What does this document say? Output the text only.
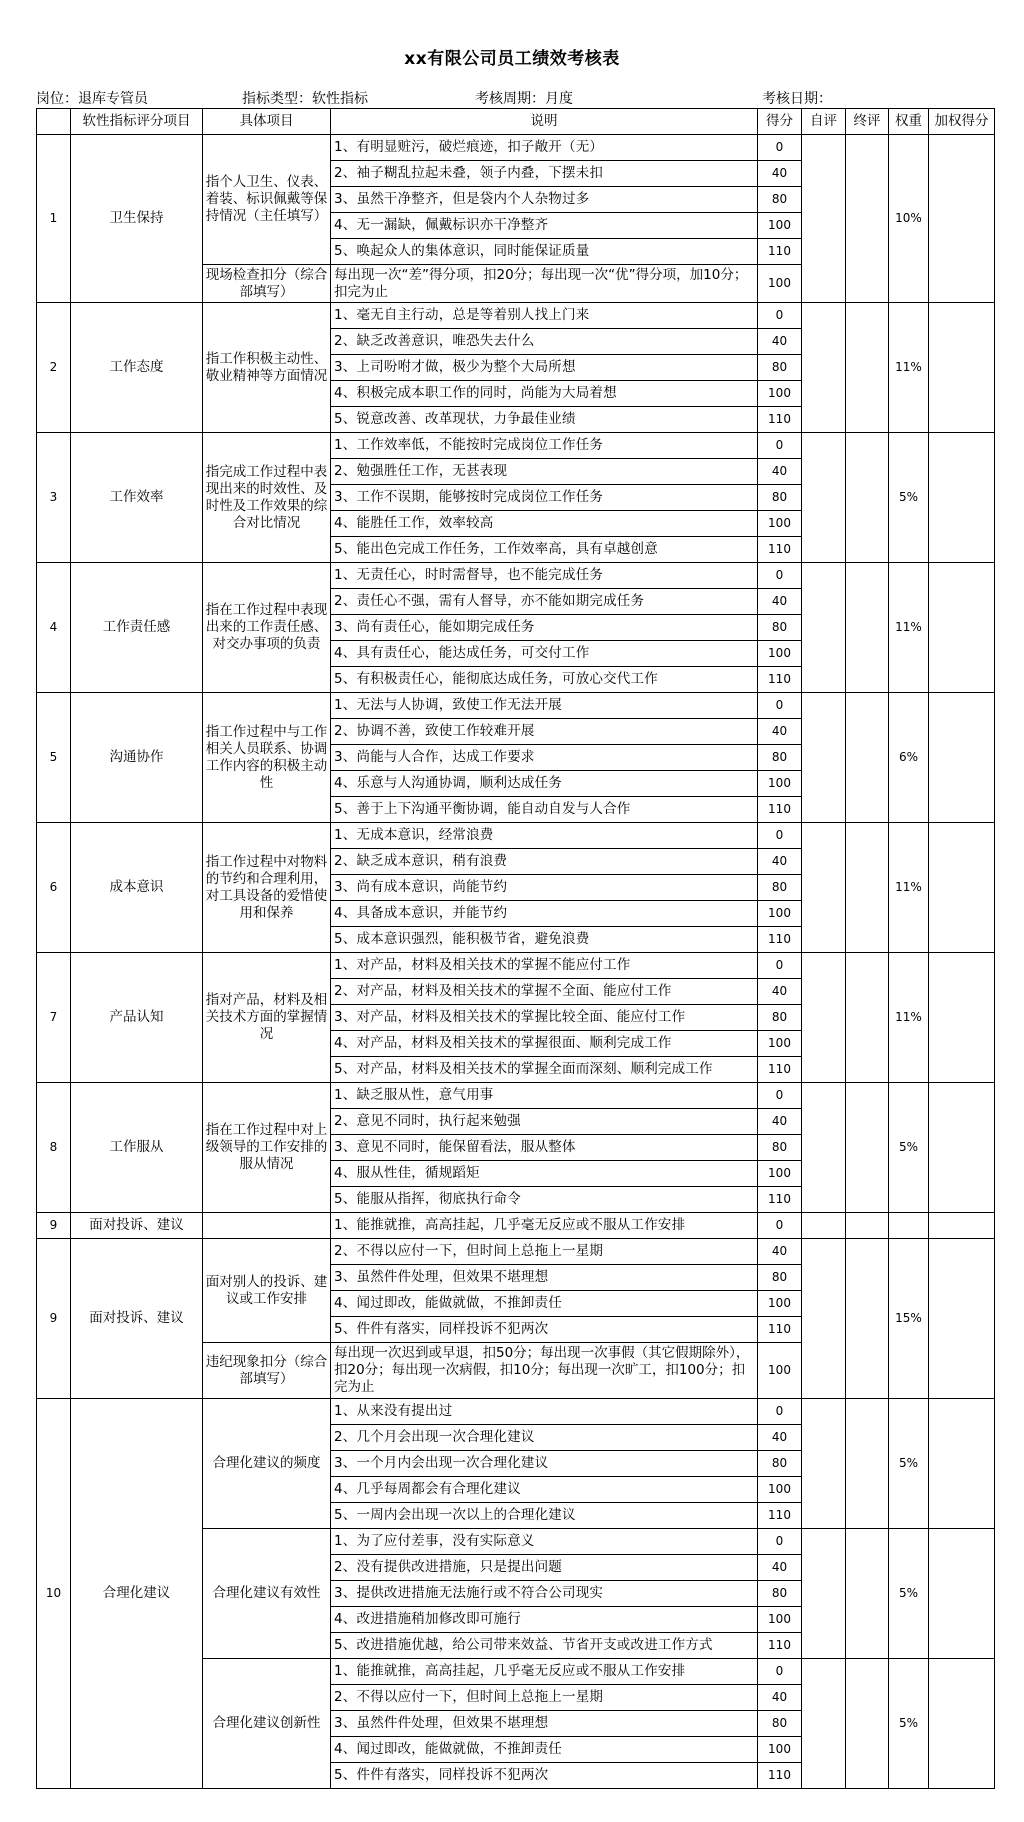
xx有限公司员工绩效考核表
岗位：退库专管员	指标类型：软性指标	考核周期：月度	考核日期：
	软性指标评分项目	具体项目	说明	得分	自评	终评	权重	加权得分
1	卫生保持	指个人卫生、仪表、着装、标识佩戴等保持情况（主任填写）	1、有明显赃污，破烂痕迹，扣子敞开（无）	0			10%	
			2、袖子糊乱拉起未叠，领子内叠，下摆未扣	40				
			3、虽然干净整齐，但是袋内个人杂物过多	80				
			4、无一漏缺，佩戴标识亦干净整齐	100				
			5、唤起众人的集体意识，同时能保证质量	110				
		现场检查扣分（综合部填写）	每出现一次“差”得分项，扣20分；每出现一次“优”得分项，加10分；扣完为止	100				
2	工作态度	指工作积极主动性、敬业精神等方面情况	1、毫无自主行动，总是等着别人找上门来	0			11%	
			2、缺乏改善意识，唯恐失去什么	40				
			3、上司吩咐才做，极少为整个大局所想	80				
			4、积极完成本职工作的同时，尚能为大局着想	100				
			5、锐意改善、改革现状，力争最佳业绩	110				
3	工作效率	指完成工作过程中表现出来的时效性、及时性及工作效果的综合对比情况	1、工作效率低，不能按时完成岗位工作任务	0			5%	
			2、勉强胜任工作，无甚表现	40				
			3、工作不误期，能够按时完成岗位工作任务	80				
			4、能胜任工作，效率较高	100				
			5、能出色完成工作任务，工作效率高，具有卓越创意	110				
4	工作责任感	指在工作过程中表现出来的工作责任感、对交办事项的负责	1、无责任心，时时需督导，也不能完成任务	0			11%	
			2、责任心不强，需有人督导，亦不能如期完成任务	40				
			3、尚有责任心，能如期完成任务	80				
			4、具有责任心，能达成任务，可交付工作	100				
			5、有积极责任心，能彻底达成任务，可放心交代工作	110				
5	沟通协作	指工作过程中与工作相关人员联系、协调工作内容的积极主动性	1、无法与人协调，致使工作无法开展	0			6%	
			2、协调不善，致使工作较难开展	40				
			3、尚能与人合作，达成工作要求	80				
			4、乐意与人沟通协调，顺利达成任务	100				
			5、善于上下沟通平衡协调，能自动自发与人合作	110				
6	成本意识	指工作过程中对物料的节约和合理利用，对工具设备的爱惜使用和保养	1、无成本意识，经常浪费	0			11%	
			2、缺乏成本意识，稍有浪费	40				
			3、尚有成本意识，尚能节约	80				
			4、具备成本意识，并能节约	100				
			5、成本意识强烈，能积极节省，避免浪费	110				
7	产品认知	指对产品，材料及相关技术方面的掌握情况	1、对产品，材料及相关技术的掌握不能应付工作	0			11%	
			2、对产品，材料及相关技术的掌握不全面、能应付工作	40				
			3、对产品，材料及相关技术的掌握比较全面、能应付工作	80				
			4、对产品，材料及相关技术的掌握很面、顺利完成工作	100				
			5、对产品，材料及相关技术的掌握全面而深刻、顺利完成工作	110				
8	工作服从	指在工作过程中对上级领导的工作安排的服从情况	1、缺乏服从性，意气用事	0			5%	
			2、意见不同时，执行起来勉强	40				
			3、意见不同时，能保留看法，服从整体	80				
			4、服从性佳，循规蹈矩	100				
			5、能服从指挥，彻底执行命令	110				
9	面对投诉、建议		1、能推就推，高高挂起，几乎毫无反应或不服从工作安排	0				
9	面对投诉、建议	面对别人的投诉、建议或工作安排	2、不得以应付一下，但时间上总拖上一星期	40			15%	
			3、虽然件件处理，但效果不堪理想	80				
			4、闻过即改，能做就做，不推卸责任	100				
			5、件件有落实，同样投诉不犯两次	110				
		违纪现象扣分（综合部填写）	每出现一次迟到或早退，扣50分；每出现一次事假（其它假期除外），扣20分；每出现一次病假，扣10分；每出现一次旷工，扣100分；扣完为止	100				
10	合理化建议	合理化建议的频度	1、从来没有提出过	0			5%	
			2、几个月会出现一次合理化建议	40				
			3、一个月内会出现一次合理化建议	80				
			4、几乎每周都会有合理化建议	100				
			5、一周内会出现一次以上的合理化建议	110				
		合理化建议有效性	1、为了应付差事，没有实际意义	0			5%	
			2、没有提供改进措施，只是提出问题	40				
			3、提供改进措施无法施行或不符合公司现实	80				
			4、改进措施稍加修改即可施行	100				
			5、改进措施优越，给公司带来效益、节省开支或改进工作方式	110				
		合理化建议创新性	1、能推就推，高高挂起，几乎毫无反应或不服从工作安排	0			5%	
			2、不得以应付一下，但时间上总拖上一星期	40				
			3、虽然件件处理，但效果不堪理想	80				
			4、闻过即改，能做就做，不推卸责任	100				
			5、件件有落实，同样投诉不犯两次	110				
